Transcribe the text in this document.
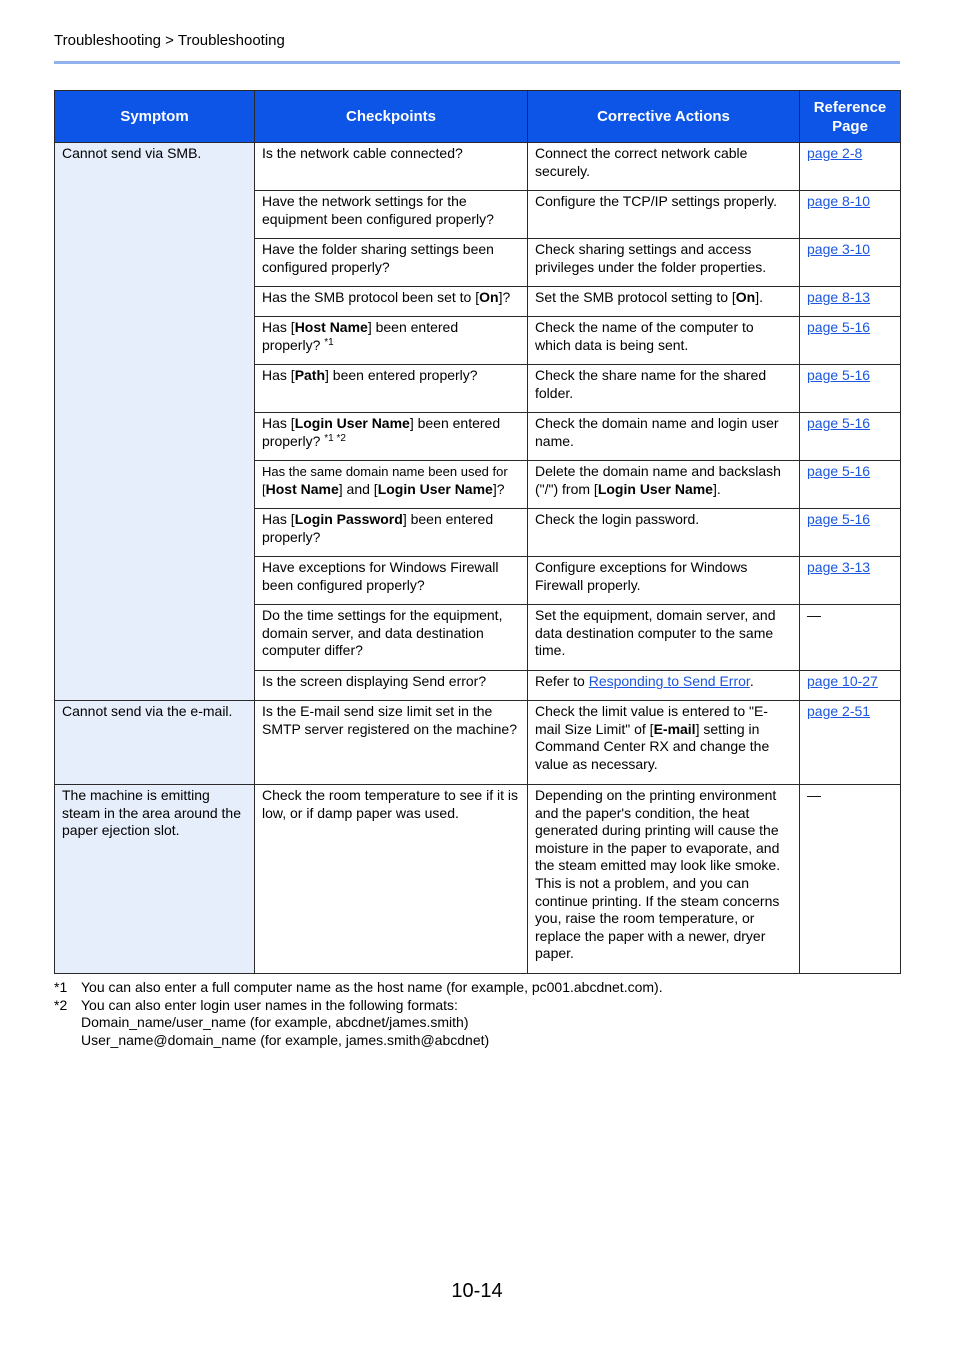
Troubleshooting > Troubleshooting
Symptom	Checkpoints	Corrective Actions	Reference Page
Cannot send via SMB.	Is the network cable connected?	Connect the correct network cable securely.	page 2-8
	Have the network settings for the equipment been configured properly?	Configure the TCP/IP settings properly.	page 8-10
	Have the folder sharing settings been configured properly?	Check sharing settings and access privileges under the folder properties.	page 3-10
	Has the SMB protocol been set to [On]?	Set the SMB protocol setting to [On].	page 8-13
	Has [Host Name] been entered properly? $^{*1}$	Check the name of the computer to which data is being sent.	page 5-16
	Has [Path] been entered properly?	Check the share name for the shared folder.	page 5-16
	Has [Login User Name] been entered properly? $^{*1 *2}$	Check the domain name and login user name.	page 5-16
	Has the same domain name been used for [Host Name] and [Login User Name]?	Delete the domain name and backslash ("/") from [Login User Name].	page 5-16
	Has [Login Password] been entered properly?	Check the login password.	page 5-16
	Have exceptions for Windows Firewall been configured properly?	Configure exceptions for Windows Firewall properly.	page 3-13
	Do the time settings for the equipment, domain server, and data destination computer differ?	Set the equipment, domain server, and data destination computer to the same time.	—
	Is the screen displaying Send error?	Refer to Responding to Send Error.	page 10-27
Cannot send via the e-mail.	Is the E-mail send size limit set in the SMTP server registered on the machine?	Check the limit value is entered to "E-mail Size Limit" of [E-mail] setting in Command Center RX and change the value as necessary.	page 2-51
The machine is emitting steam in the area around the paper ejection slot.	Check the room temperature to see if it is low, or if damp paper was used.	Depending on the printing environment and the paper's condition, the heat generated during printing will cause the moisture in the paper to evaporate, and the steam emitted may look like smoke. This is not a problem, and you can continue printing. If the steam concerns you, raise the room temperature, or replace the paper with a newer, dryer paper.	—
*1 You can also enter a full computer name as the host name (for example, pc001.abcdnet.com).
*2 You can also enter login user names in the following formats:
Domain_name/user_name (for example, abcdnet/james.smith)
User_name@domain_name (for example, james.smith@abcdnet)
10-14
